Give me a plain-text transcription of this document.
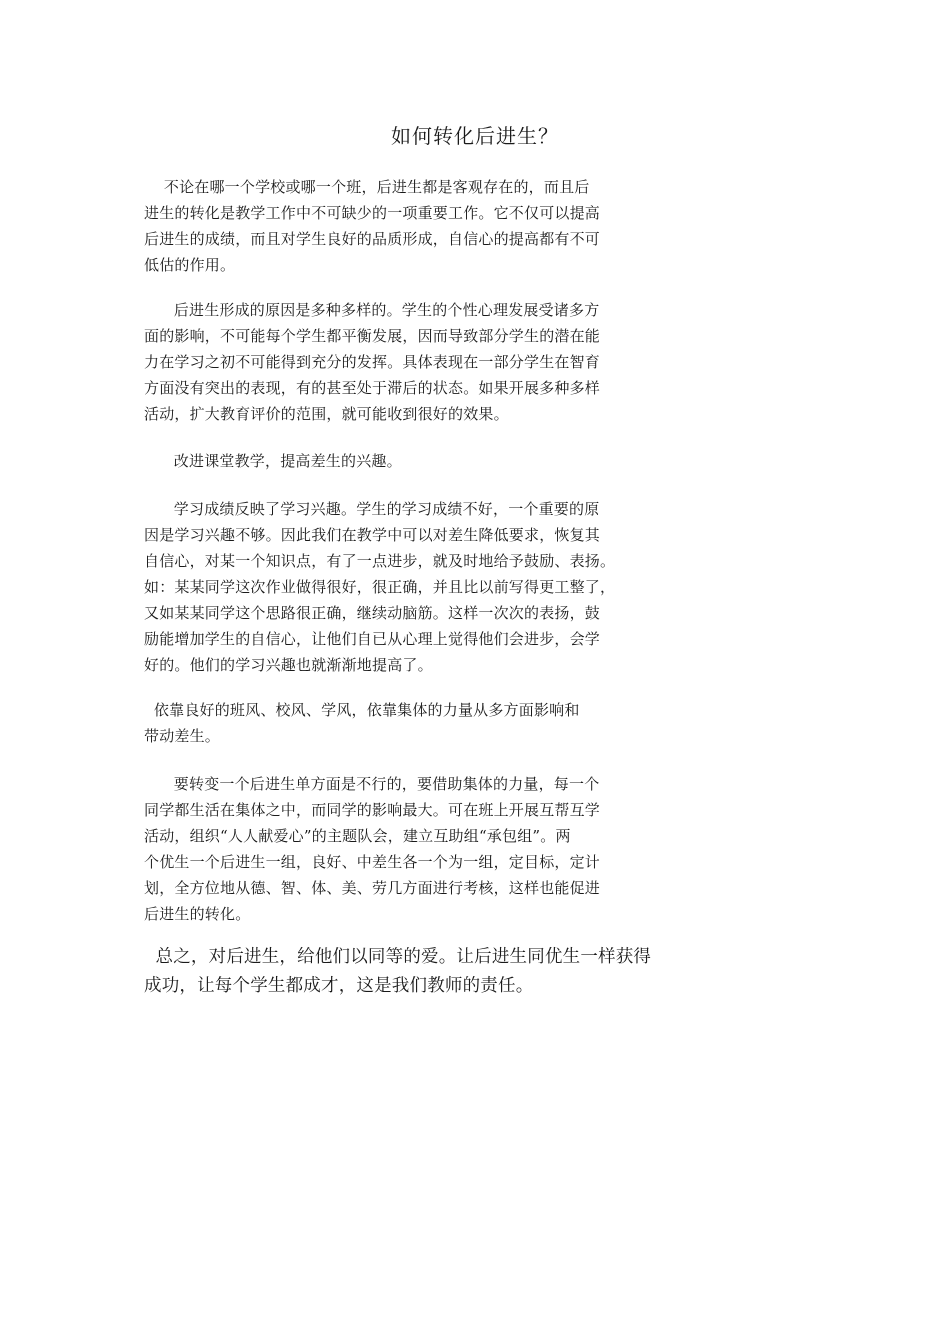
如何转化后进生？
不论在哪一个学校或哪一个班，后进生都是客观存在的，而且后
进生的转化是教学工作中不可缺少的一项重要工作。它不仅可以提高
后进生的成绩，而且对学生良好的品质形成，自信心的提高都有不可
低估的作用。
后进生形成的原因是多种多样的。学生的个性心理发展受诸多方
面的影响，不可能每个学生都平衡发展，因而导致部分学生的潜在能
力在学习之初不可能得到充分的发挥。具体表现在一部分学生在智育
方面没有突出的表现，有的甚至处于滞后的状态。如果开展多种多样
活动，扩大教育评价的范围，就可能收到很好的效果。
改进课堂教学，提高差生的兴趣。
学习成绩反映了学习兴趣。学生的学习成绩不好，一个重要的原
因是学习兴趣不够。因此我们在教学中可以对差生降低要求，恢复其
自信心，对某一个知识点，有了一点进步，就及时地给予鼓励、表扬。
如：某某同学这次作业做得很好，很正确，并且比以前写得更工整了，
又如某某同学这个思路很正确，继续动脑筋。这样一次次的表扬，鼓
励能增加学生的自信心，让他们自已从心理上觉得他们会进步，会学
好的。他们的学习兴趣也就渐渐地提高了。
依靠良好的班风、校风、学风，依靠集体的力量从多方面影响和
带动差生。
要转变一个后进生单方面是不行的，要借助集体的力量，每一个
同学都生活在集体之中，而同学的影响最大。可在班上开展互帮互学
活动，组织“人人献爱心”的主题队会，建立互助组“承包组”。两
个优生一个后进生一组，良好、中差生各一个为一组，定目标，定计
划，全方位地从德、智、体、美、劳几方面进行考核，这样也能促进
后进生的转化。
总之，对后进生，给他们以同等的爱。让后进生同优生一样获得
成功，让每个学生都成才，这是我们教师的责任。
